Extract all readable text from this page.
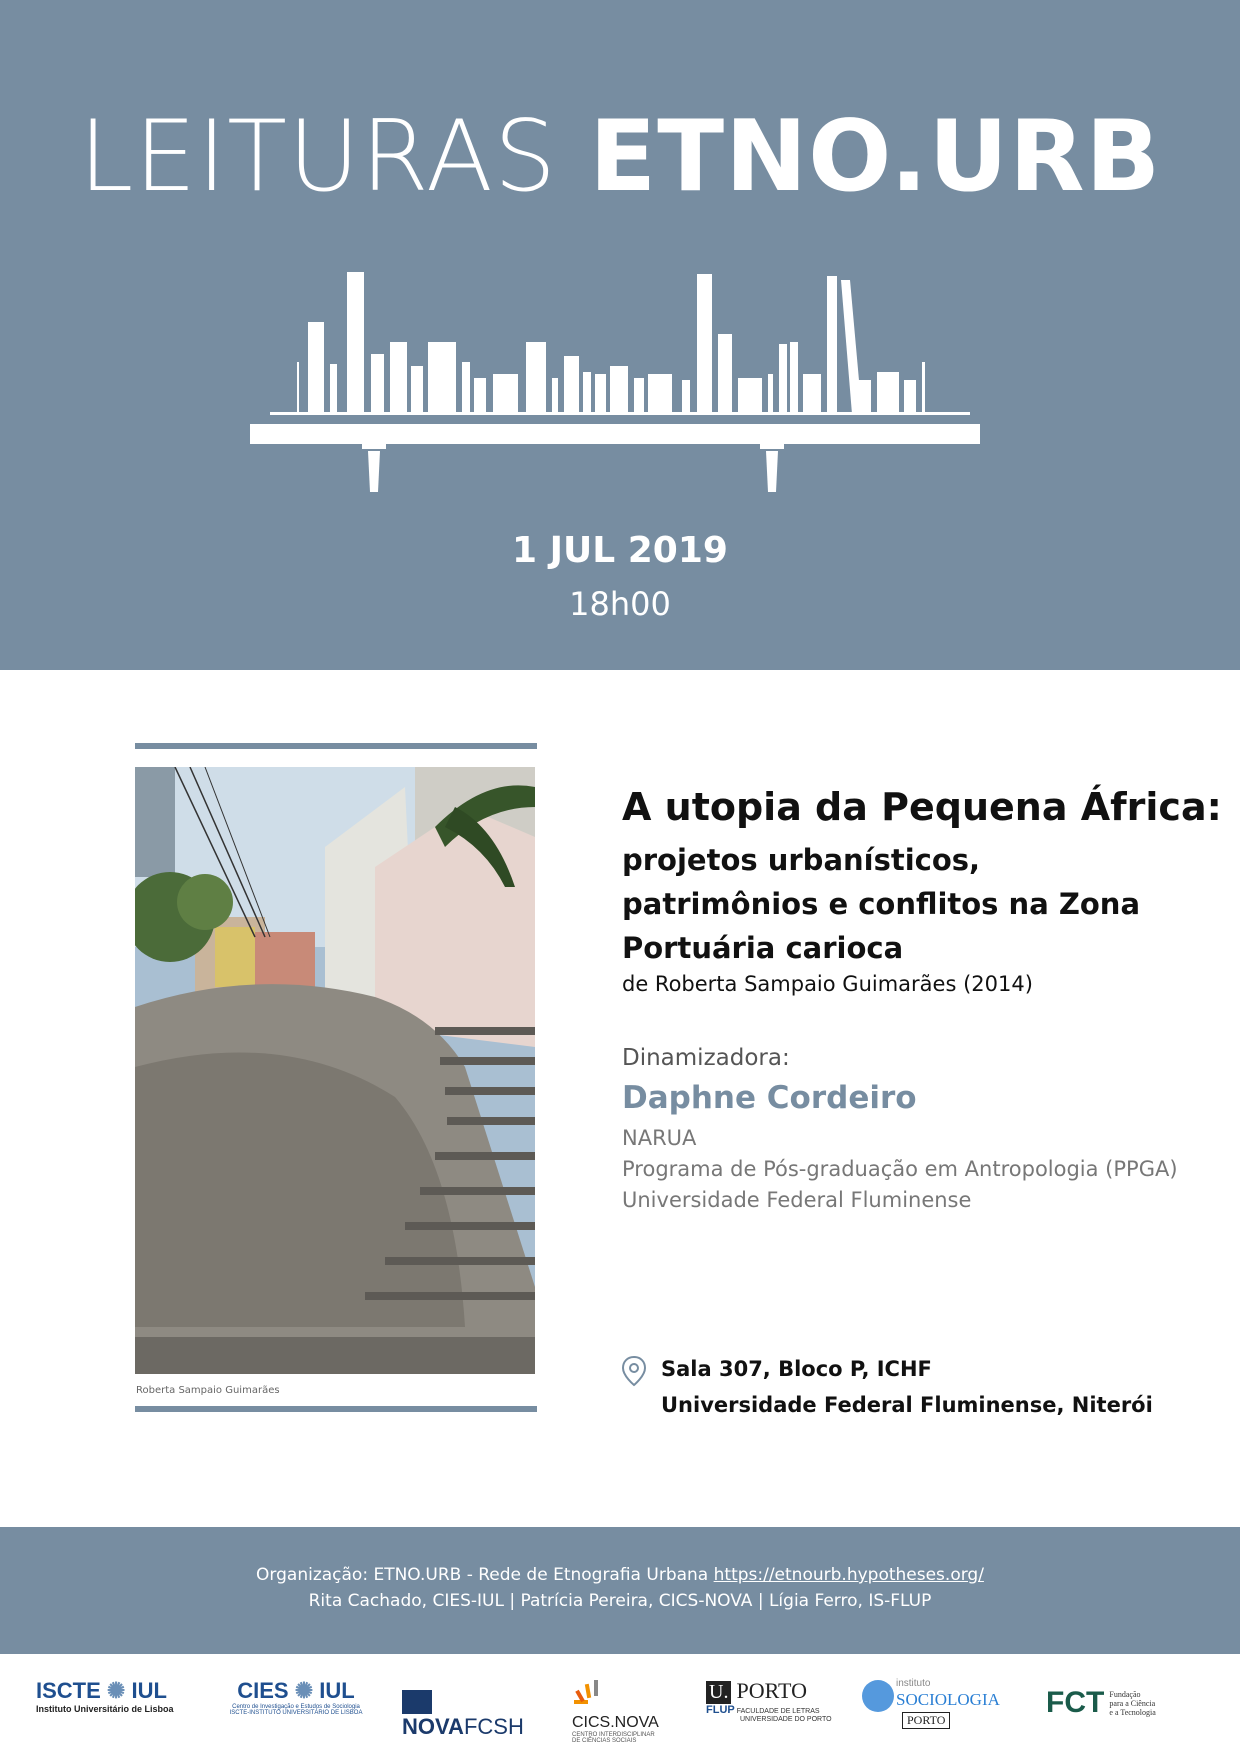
LEITURAS ETNO.URB
1 JUL 2019
18h00
Roberta Sampaio Guimarães
A utopia da Pequena África:
projetos urbanísticos, patrimônios e conflitos na Zona Portuária carioca
de Roberta Sampaio Guimarães (2014)
Dinamizadora:
Daphne Cordeiro
NARUA
Programa de Pós-graduação em Antropologia (PPGA)
Universidade Federal Fluminense
Sala 307, Bloco P, ICHF
Universidade Federal Fluminense, Niterói
Organização: ETNO.URB - Rede de Etnografia Urbana https://etnourb.hypotheses.org/
Rita Cachado, CIES-IUL | Patrícia Pereira, CICS-NOVA | Lígia Ferro, IS-FLUP
ISCTE ✺ IUL
Instituto Universitário de Lisboa
CIES ✺ IUL
Centro de Investigação e Estudos de Sociologia
ISCTE-INSTITUTO UNIVERSITÁRIO DE LISBOA
NOVAFCSH	CICS.NOVA
CENTRO INTERDISCIPLINAR
DE CIÊNCIAS SOCIAIS
U. PORTO
FLUP FACULDADE DE LETRAS
UNIVERSIDADE DO PORTO
instituto
SOCIOLOGIA
PORTO
FCT Fundação
para a Ciência
e a Tecnologia
